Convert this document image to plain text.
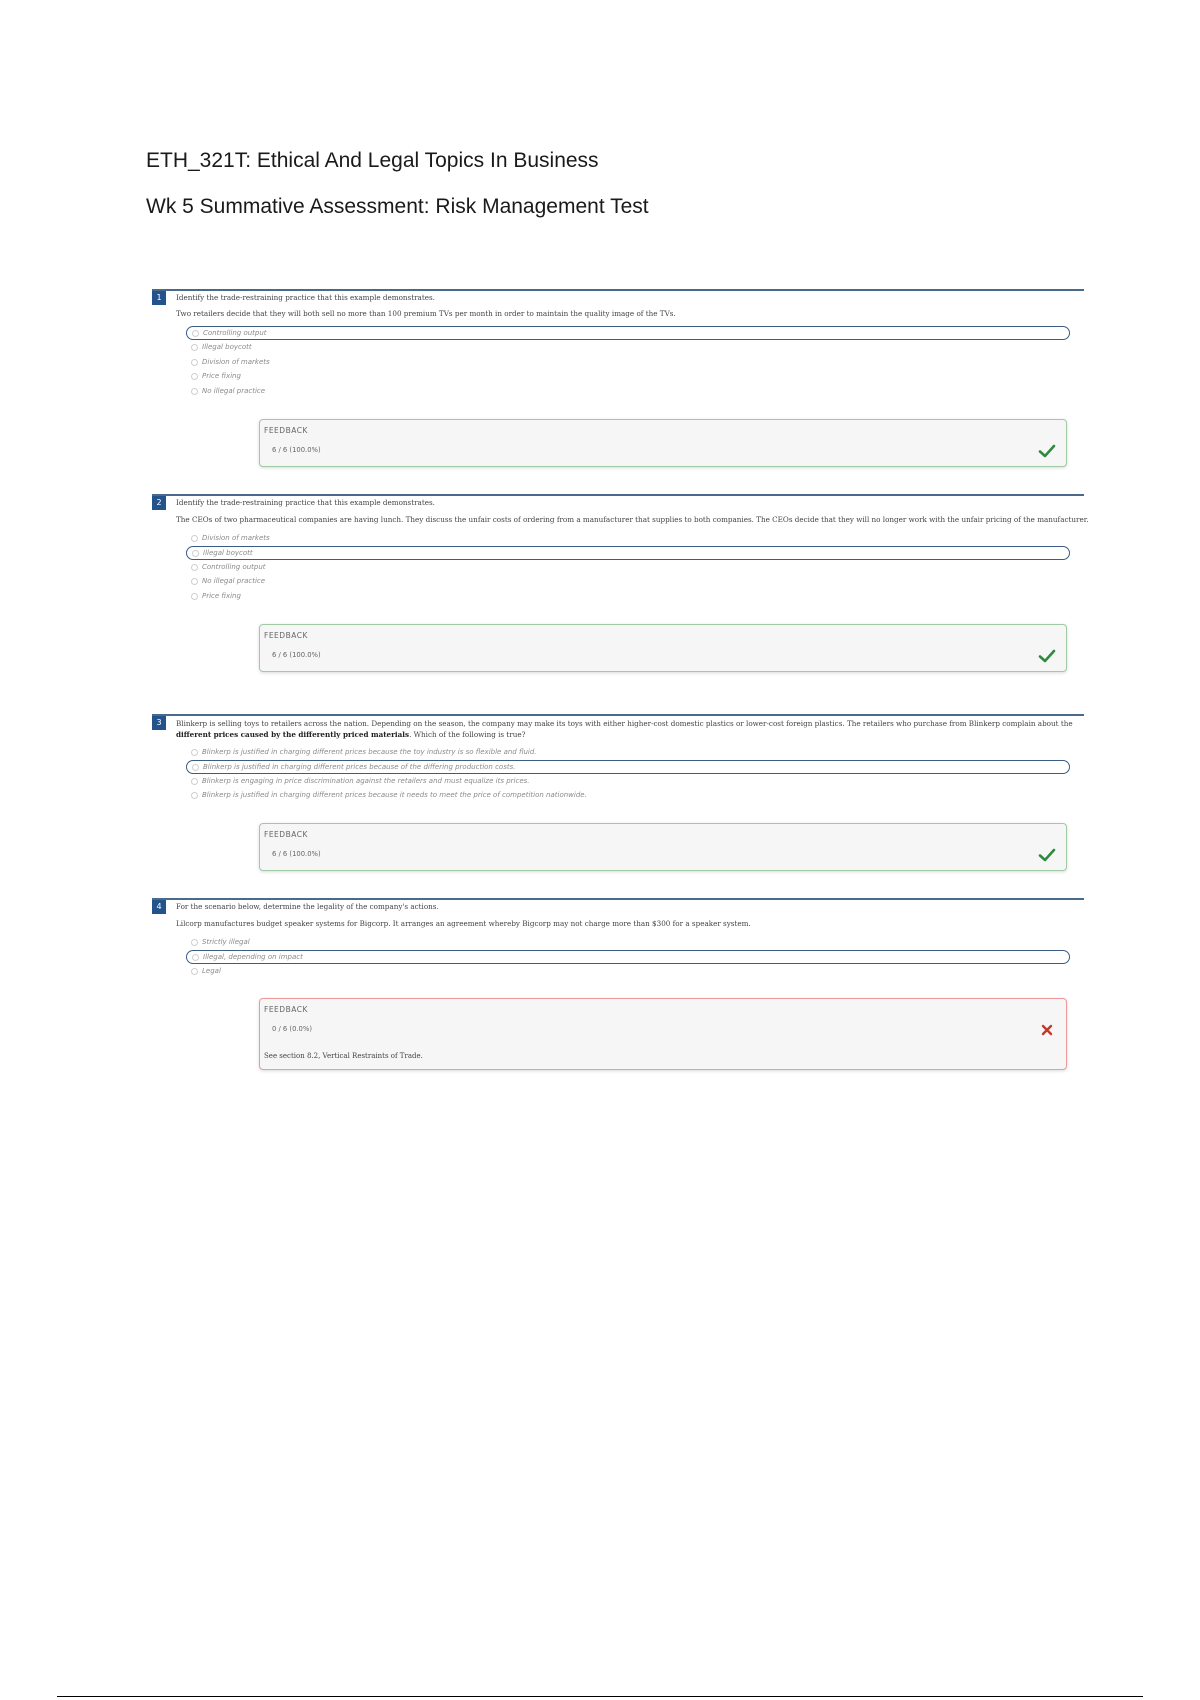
ETH_321T: Ethical And Legal Topics In Business
Wk 5 Summative Assessment: Risk Management Test
1	Identify the trade-restraining practice that this example demonstrates.
Two retailers decide that they will both sell no more than 100 premium TVs per month in order to maintain the quality image of the TVs.
Controlling output
Illegal boycott
Division of markets
Price fixing
No illegal practice
FEEDBACK
6 / 6 (100.0%)
2	Identify the trade-restraining practice that this example demonstrates.
The CEOs of two pharmaceutical companies are having lunch. They discuss the unfair costs of ordering from a manufacturer that supplies to both companies. The CEOs decide that they will no longer work with the unfair pricing of the manufacturer.
Division of markets
Illegal boycott
Controlling output
No illegal practice
Price fixing
FEEDBACK
6 / 6 (100.0%)
3	Blinkerp is selling toys to retailers across the nation. Depending on the season, the company may make its toys with either higher-cost domestic plastics or lower-cost foreign plastics. The retailers who purchase from Blinkerp complain about the different prices caused by the differently priced materials. Which of the following is true?
Blinkerp is justified in charging different prices because the toy industry is so flexible and fluid.
Blinkerp is justified in charging different prices because of the differing production costs.
Blinkerp is engaging in price discrimination against the retailers and must equalize its prices.
Blinkerp is justified in charging different prices because it needs to meet the price of competition nationwide.
FEEDBACK
6 / 6 (100.0%)
4	For the scenario below, determine the legality of the company's actions.
Lilcorp manufactures budget speaker systems for Bigcorp. It arranges an agreement whereby Bigcorp may not charge more than $300 for a speaker system.
Strictly illegal
Illegal, depending on impact
Legal
FEEDBACK
0 / 6 (0.0%)
See section 8.2, Vertical Restraints of Trade.
